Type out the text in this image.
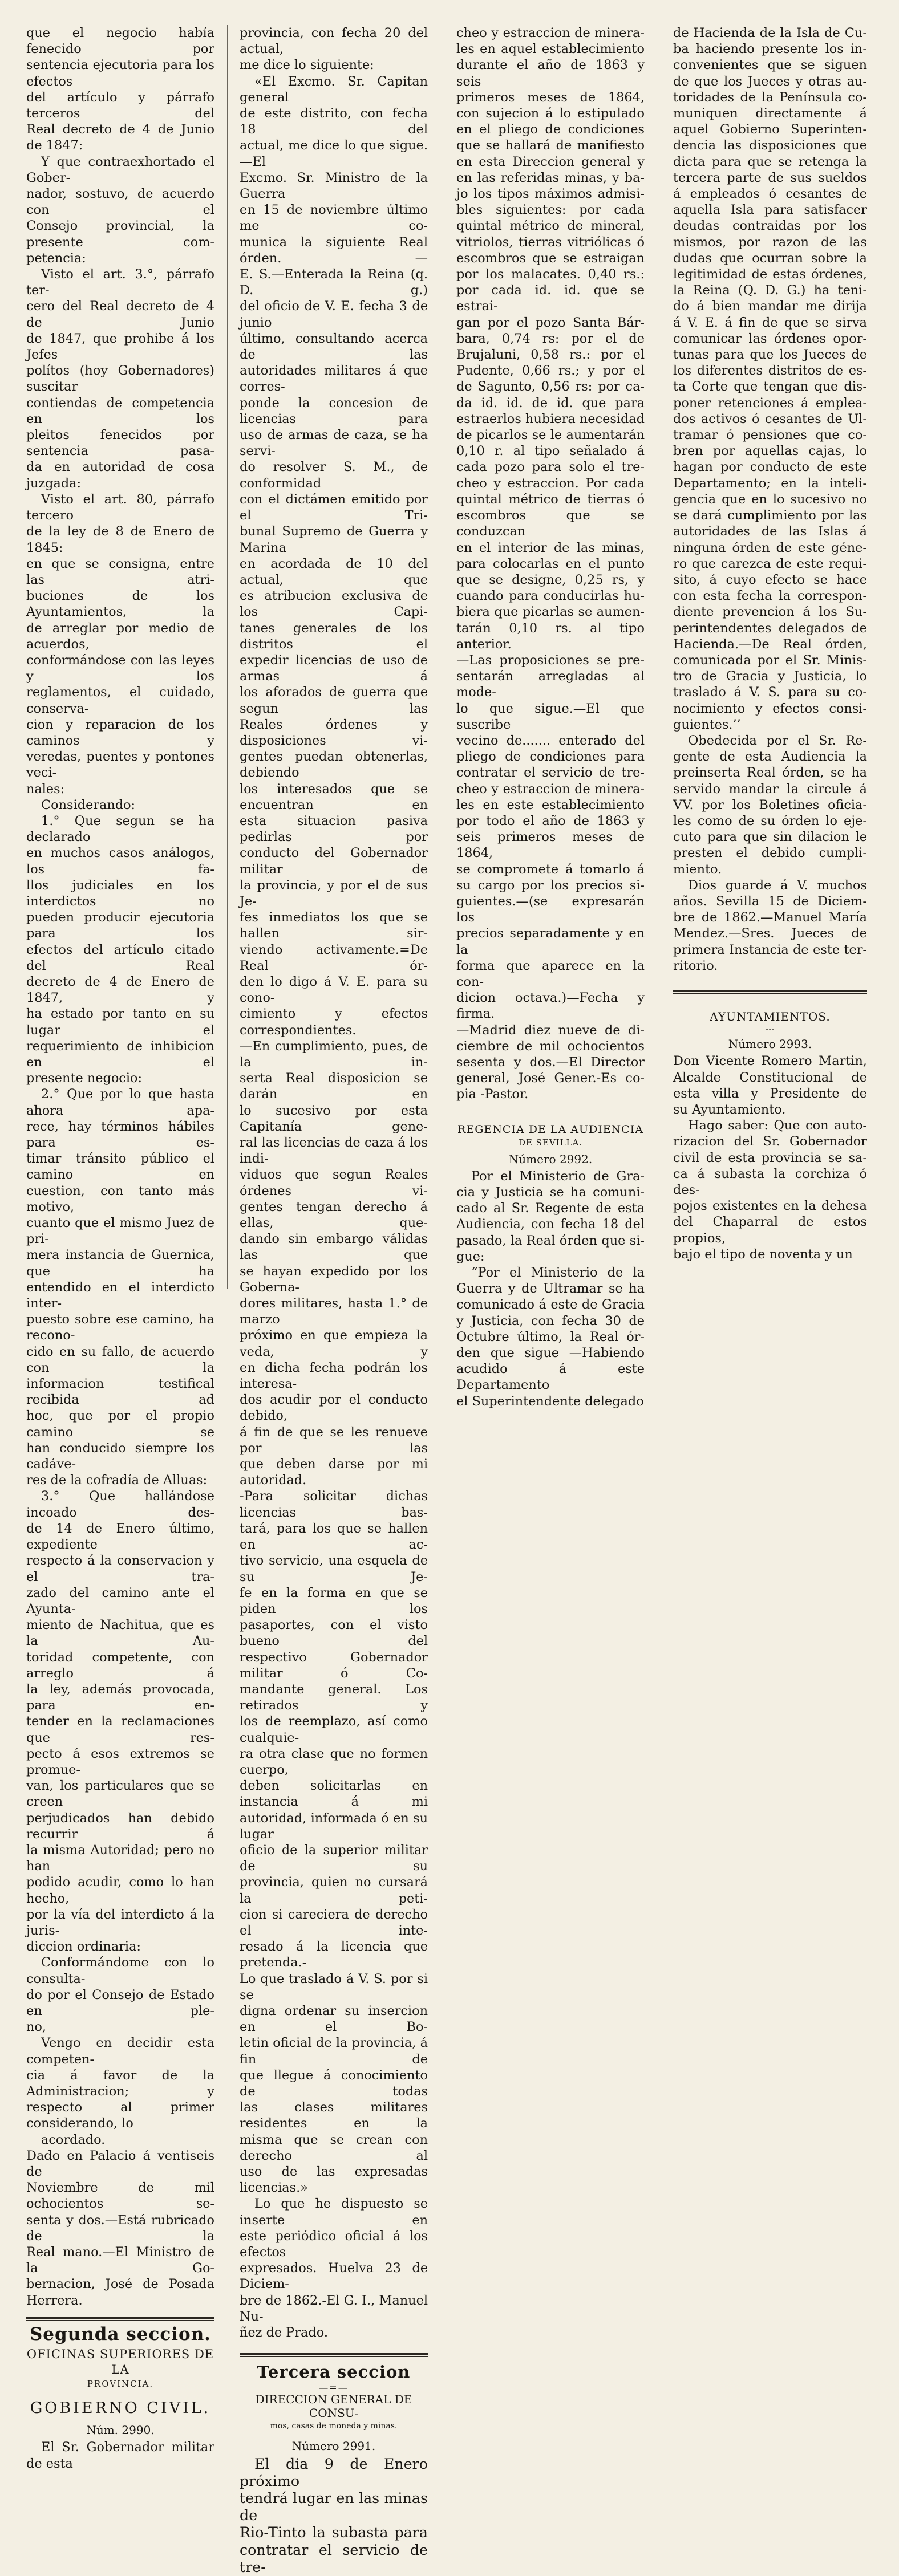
que el negocio había fenecido por

sentencia ejecutoria para los efectos

del artículo y párrafo terceros del

Real decreto de 4 de Junio de 1847:

Y que contraexhortado el Gober-

nador, sostuvo, de acuerdo con el

Consejo provincial, la presente com-

petencia:

Visto el art. 3.°, párrafo ter-

cero del Real decreto de 4 de Junio

de 1847, que prohibe á los Jefes

polítos (hoy Gobernadores) suscitar

contiendas de competencia en los

pleitos fenecidos por sentencia pasa-

da en autoridad de cosa juzgada:

Visto el art. 80, párrafo tercero

de la ley de 8 de Enero de 1845:

en que se consigna, entre las atri-

buciones de los Ayuntamientos, la

de arreglar por medio de acuerdos,

conformándose con las leyes y los

reglamentos, el cuidado, conserva-

cion y reparacion de los caminos y

veredas, puentes y pontones veci-

nales:

Considerando:

1.° Que segun se ha declarado

en muchos casos análogos, los fa-

llos judiciales en los interdictos no

pueden producir ejecutoria para los

efectos del artículo citado del Real

decreto de 4 de Enero de 1847, y

ha estado por tanto en su lugar el

requerimiento de inhibicion en el

presente negocio:

2.° Que por lo que hasta ahora apa-

rece, hay términos hábiles para es-

timar tránsito público el camino en

cuestion, con tanto más motivo,

cuanto que el mismo Juez de pri-

mera instancia de Guernica, que ha

entendido en el interdicto inter-

puesto sobre ese camino, ha recono-

cido en su fallo, de acuerdo con la

informacion testifical recibida ad

hoc, que por el propio camino se

han conducido siempre los cadáve-

res de la cofradía de Alluas:

3.° Que hallándose incoado des-

de 14 de Enero último, expediente

respecto á la conservacion y el tra-

zado del camino ante el Ayunta-

miento de Nachitua, que es la Au-

toridad competente, con arreglo á

la ley, además provocada, para en-

tender en la reclamaciones que res-

pecto á esos extremos se promue-

van, los particulares que se creen

perjudicados han debido recurrir á

la misma Autoridad; pero no han

podido acudir, como lo han hecho,

por la vía del interdicto á la juris-

diccion ordinaria:

Conformándome con lo consulta-

do por el Consejo de Estado en ple-

no,

Vengo en decidir esta competen-

cia á favor de la Administracion; y

respecto al primer considerando, lo

acordado.

Dado en Palacio á ventiseis de

Noviembre de mil ochocientos se-

senta y dos.—Está rubricado de la

Real mano.—El Ministro de la Go-

bernacion, José de Posada Herrera.

Segunda seccion.
OFICINAS SUPERIORES DE LA
PROVINCIA.
GOBIERNO CIVIL.
Núm. 2990.

El Sr. Gobernador militar de esta

provincia, con fecha 20 del actual,

me dice lo siguiente:

«El Excmo. Sr. Capitan general

de este distrito, con fecha 18 del

actual, me dice lo que sigue.—El

Excmo. Sr. Ministro de la Guerra

en 15 de noviembre último me co-

munica la siguiente Real órden. —

E. S.—Enterada la Reina (q. D. g.)

del oficio de V. E. fecha 3 de junio

último, consultando acerca de las

autoridades militares á que corres-

ponde la concesion de licencias para

uso de armas de caza, se ha servi-

do resolver S. M., de conformidad

con el dictámen emitido por el Tri-

bunal Supremo de Guerra y Marina

en acordada de 10 del actual, que

es atribucion exclusiva de los Capi-

tanes generales de los distritos el

expedir licencias de uso de armas á

los aforados de guerra que segun las

Reales órdenes y disposiciones vi-

gentes puedan obtenerlas, debiendo

los interesados que se encuentran en

esta situacion pasiva pedirlas por

conducto del Gobernador militar de

la provincia, y por el de sus Je-

fes inmediatos los que se hallen sir-

viendo activamente.=De Real ór-

den lo digo á V. E. para su cono-

cimiento y efectos correspondientes.

—En cumplimiento, pues, de la in-

serta Real disposicion se darán en

lo sucesivo por esta Capitanía gene-

ral las licencias de caza á los indi-

viduos que segun Reales órdenes vi-

gentes tengan derecho á ellas, que-

dando sin embargo válidas las que

se hayan expedido por los Goberna-

dores militares, hasta 1.° de marzo

próximo en que empieza la veda, y

en dicha fecha podrán los interesa-

dos acudir por el conducto debido,

á fin de que se les renueve por las

que deben darse por mi autoridad.

-Para solicitar dichas licencias bas-

tará, para los que se hallen en ac-

tivo servicio, una esquela de su Je-

fe en la forma en que se piden los

pasaportes, con el visto bueno del

respectivo Gobernador militar ó Co-

mandante general. Los retirados y

los de reemplazo, así como cualquie-

ra otra clase que no formen cuerpo,

deben solicitarlas en instancia á mi

autoridad, informada ó en su lugar

oficio de la superior militar de su

provincia, quien no cursará la peti-

cion si careciera de derecho el inte-

resado á la licencia que pretenda.-

Lo que traslado á V. S. por si se

digna ordenar su insercion en el Bo-

letin oficial de la provincia, á fin de

que llegue á conocimiento de todas

las clases militares residentes en la

misma que se crean con derecho al

uso de las expresadas licencias.»

Lo que he dispuesto se inserte en

este periódico oficial á los efectos

expresados. Huelva 23 de Diciem-

bre de 1862.-El G. I., Manuel Nu-

ñez de Prado.

Tercera seccion
—=—
DIRECCION GENERAL DE CONSU-
mos, casas de moneda y minas.
Número 2991.

El dia 9 de Enero próximo

tendrá lugar en las minas de

Rio-Tinto la subasta para

contratar el servicio de tre-

cheo y estraccion de minera-

les en aquel establecimiento

durante el año de 1863 y seis

primeros meses de 1864,

con sujecion á lo estipulado

en el pliego de condiciones

que se hallará de manifiesto

en esta Direccion general y

en las referidas minas, y ba-

jo los tipos máximos admisi-

bles siguientes: por cada

quintal métrico de mineral,

vitriolos, tierras vitriólicas ó

escombros que se estraigan

por los malacates. 0,40 rs.:

por cada id. id. que se estrai-

gan por el pozo Santa Bár-

bara, 0,74 rs: por el de

Brujaluni, 0,58 rs.: por el

Pudente, 0,66 rs.; y por el

de Saguntо, 0,56 rs: por ca-

da id. id. de id. que para

estraerlos hubiera necesidad

de picarlos se le aumentarán

0,10 r. al tipo señalado á

cada pozo para solo el tre-

cheo y estraccion. Por cada

quintal métrico de tierras ó

escombros que se conduzcan

en el interior de las minas,

para colocarlas en el punto

que se designe, 0,25 rs, y

cuando para conducirlas hu-

biera que picarlas se aumen-

tarán 0,10 rs. al tipo anterior.

—Las proposiciones se pre-

sentarán arregladas al mode-

lo que sigue.—El que suscribe

vecino de....... enterado del

pliego de condiciones para

contratar el servicio de tre-

cheo y estraccion de minera-

les en este establecimiento

por todo el año de 1863 y

seis primeros meses de 1864,

se compromete á tomarlo á

su cargo por los precios si-

guientes.—(se expresarán los

precios separadamente y en la

forma que aparece en la con-

dicion octava.)—Fecha y firma.

—Madrid diez nueve de di-

ciembre de mil ochocientos

sesenta y dos.—El Director

general, José Gener.-Es co-

pia -Pastor.

REGENCIA DE LA AUDIENCIA
DE SEVILLA.
Número 2992.

Por el Ministerio de Gra-

cia y Justicia se ha comuni-

cado al Sr. Regente de esta

Audiencia, con fecha 18 del

pasado, la Real órden que si-

gue:

“Por el Ministerio de la

Guerra y de Ultramar se ha

comunicado á este de Gracia

y Justicia, con fecha 30 de

Octubre último, la Real ór-

den que sigue —Habiendo

acudido á este Departamento

el Superintendente delegado

de Hacienda de la Isla de Cu-

ba haciendo presente los in-

convenientes que se siguen

de que los Jueces y otras au-

toridades de la Península co-

muniquen directamente á

aquel Gobierno Superinten-

dencia las disposiciones que

dicta para que se retenga la

tercera parte de sus sueldos

á empleados ó cesantes de

aquella Isla para satisfacer

deudas contraidas por los

mismos, por razon de las

dudas que ocurran sobre la

legitimidad de estas órdenes,

la Reina (Q. D. G.) ha teni-

do á bien mandar me dirija

á V. E. á fin de que se sirva

comunicar las órdenes opor-

tunas para que los Jueces de

los diferentes distritos de es-

ta Corte que tengan que dis-

poner retenciones á emplea-

dos activos ó cesantes de Ul-

tramar ó pensiones que co-

bren por aquellas cajas, lo

hagan por conducto de este

Departamento; en la inteli-

gencia que en lo sucesivo no

se dará cumplimiento por las

autoridades de las Islas á

ninguna órden de este géne-

ro que carezca de este requi-

sito, á cuyo efecto se hace

con esta fecha la correspon-

diente prevencion á los Su-

perintendentes delegados de

Hacienda.—De Real órden,

comunicada por el Sr. Minis-

tro de Gracia y Justicia, lo

traslado á V. S. para su co-

nocimiento y efectos consi-

guientes.’’

Obedecida por el Sr. Re-

gente de esta Audiencia la

preinserta Real órden, se ha

servido mandar la circule á

VV. por los Boletines oficia-

les como de su órden lo eje-

cuto para que sin dilacion le

presten el debido cumpli-

miento.

Dios guarde á V. muchos

años. Sevilla 15 de Diciem-

bre de 1862.—Manuel María

Mendez.—Sres. Jueces de

primera Instancia de este ter-

ritorio.

AYUNTAMIENTOS.
---
Número 2993.

Don Vicente Romero Martin,

Alcalde Constitucional de

esta villa y Presidente de

su Ayuntamiento.

Hago saber: Que con auto-

rizacion del Sr. Gobernador

civil de esta provincia se sa-

ca á subasta la corchiza ó des-

pojos existentes en la dehesa

del Chaparral de estos propios,

bajo el tipo de noventa y un
